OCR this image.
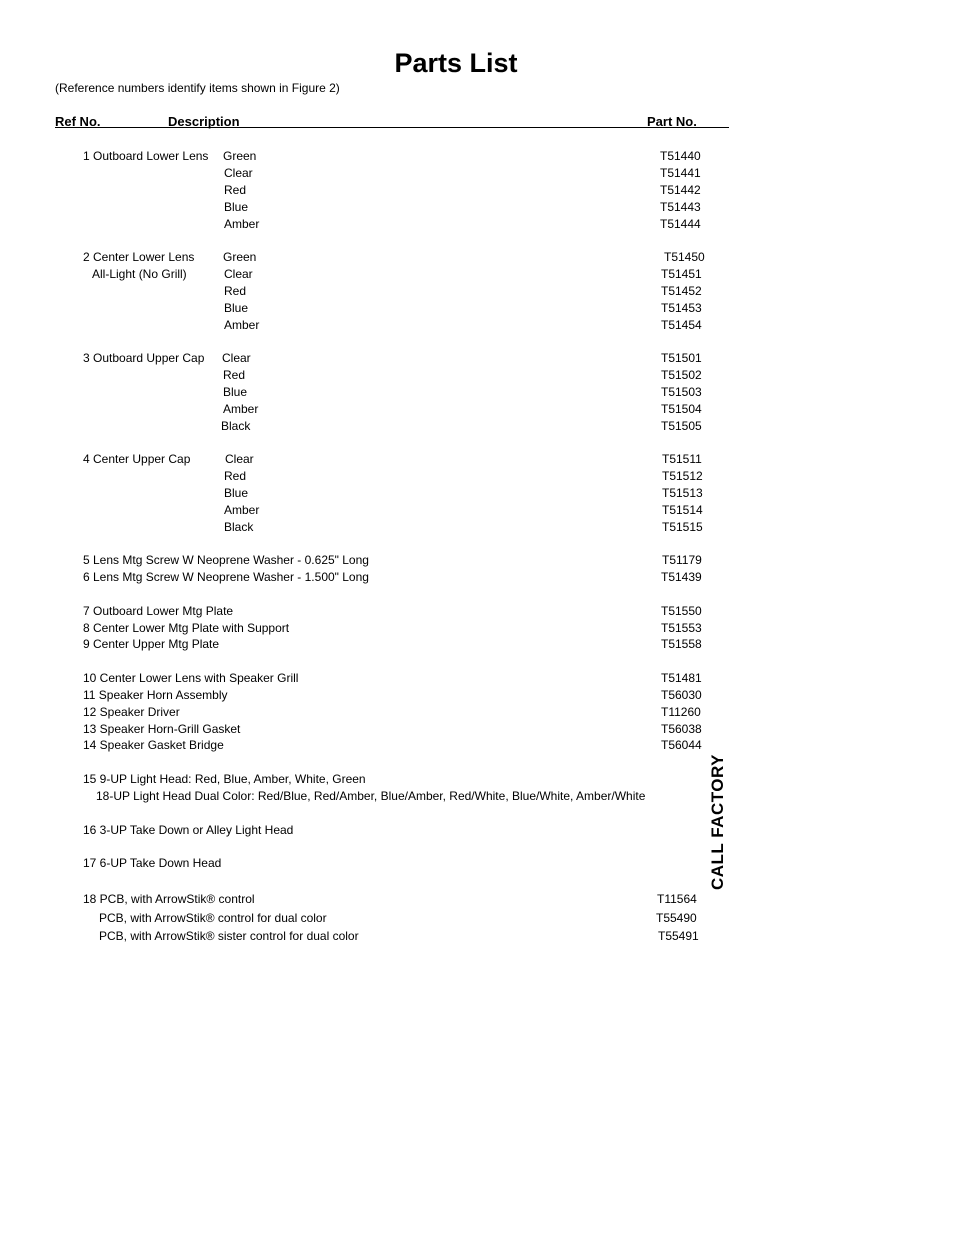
Parts List
(Reference numbers identify items shown in Figure 2)
Ref No.	Description	Part No.
CALL FACTORY
1 Outboard Lower Lens Green	T51440
Clear	T51441
Red	T51442
Blue	T51443
Amber	T51444
2 Center Lower Lens Green	T51450
All-Light (No Grill)	Clear	T51451
Red	T51452
Blue	T51453
Amber	T51454
3 Outboard Upper Cap Clear	T51501
Red	T51502
Blue	T51503
Amber	T51504
Black	T51505
4 Center Upper Cap	Clear	T51511
Red	T51512
Blue	T51513
Amber	T51514
Black	T51515
5 Lens Mtg Screw W Neoprene Washer - 0.625" Long	T51179
6 Lens Mtg Screw W Neoprene Washer - 1.500" Long	T51439
7 Outboard Lower Mtg Plate	T51550
8 Center Lower Mtg Plate with Support	T51553
9 Center Upper Mtg Plate	T51558
10 Center Lower Lens with Speaker Grill	T51481
11 Speaker Horn Assembly	T56030
12 Speaker Driver	T11260
13 Speaker Horn-Grill Gasket	T56038
14 Speaker Gasket Bridge	T56044
15 9-UP Light Head: Red, Blue, Amber, White, Green
18-UP Light Head Dual Color: Red/Blue, Red/Amber, Blue/Amber, Red/White, Blue/White, Amber/White
16 3-UP Take Down or Alley Light Head
17 6-UP Take Down Head
18 PCB, with ArrowStik® control	T11564
PCB, with ArrowStik® control for dual color	T55490
PCB, with ArrowStik® sister control for dual color	T55491
